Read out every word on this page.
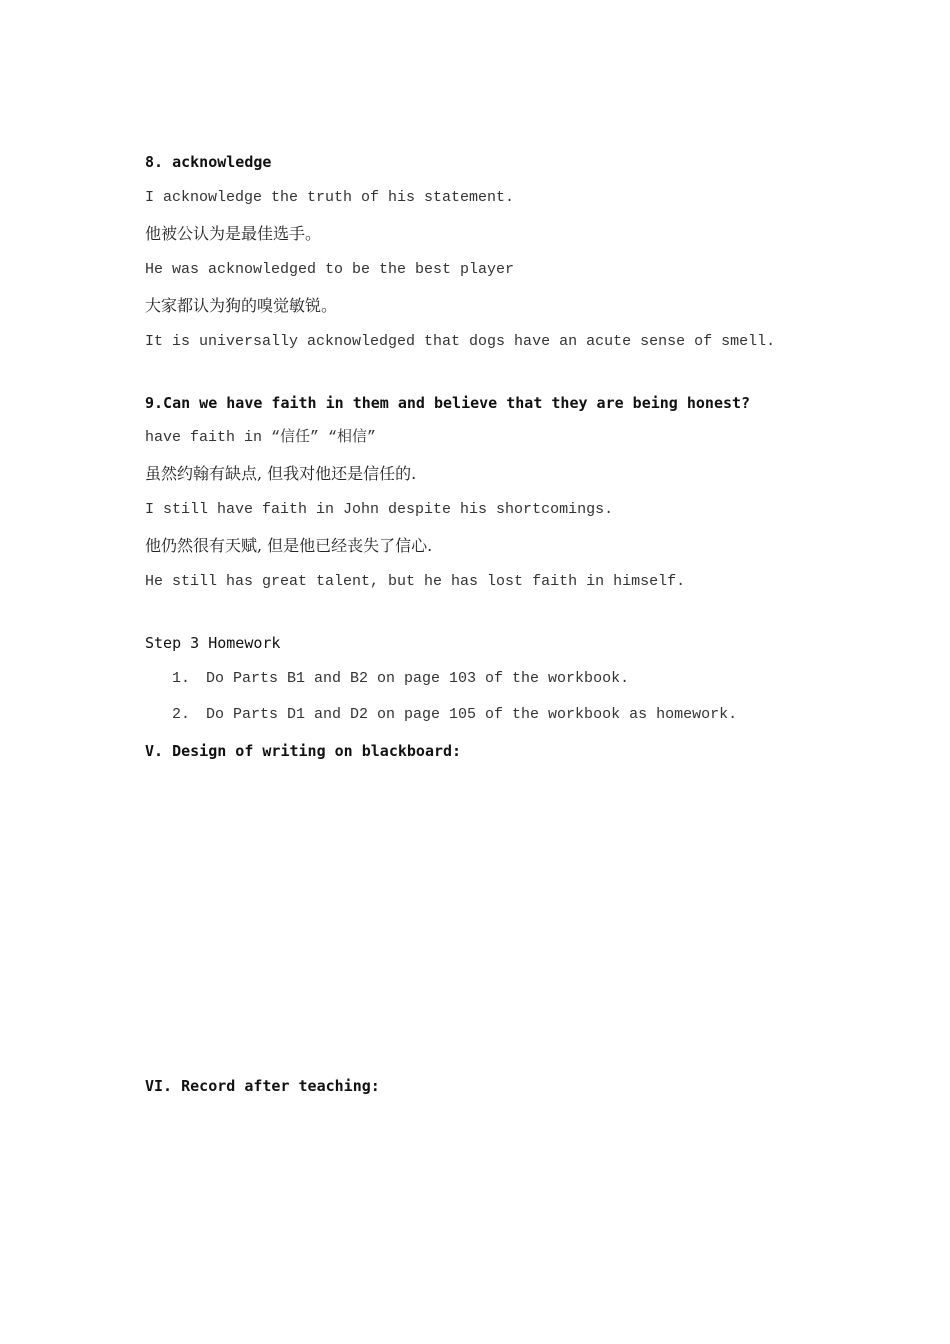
8. acknowledge
I acknowledge the truth of his statement.
他被公认为是最佳选手。
He was acknowledged to be the best player
大家都认为狗的嗅觉敏锐。
It is universally acknowledged that dogs have an acute sense of smell.
9.Can we have faith in them and believe that they are being honest?
have faith in “信任” “相信”
虽然约翰有缺点, 但我对他还是信任的.
I still have faith in John despite his shortcomings.
他仍然很有天赋, 但是他已经丧失了信心.
He still has great talent, but he has lost faith in himself.
Step 3 Homework
1. Do Parts B1 and B2 on page 103 of the workbook.
2. Do Parts D1 and D2 on page 105 of the workbook as homework.
V. Design of writing on blackboard:
VI. Record after teaching:
